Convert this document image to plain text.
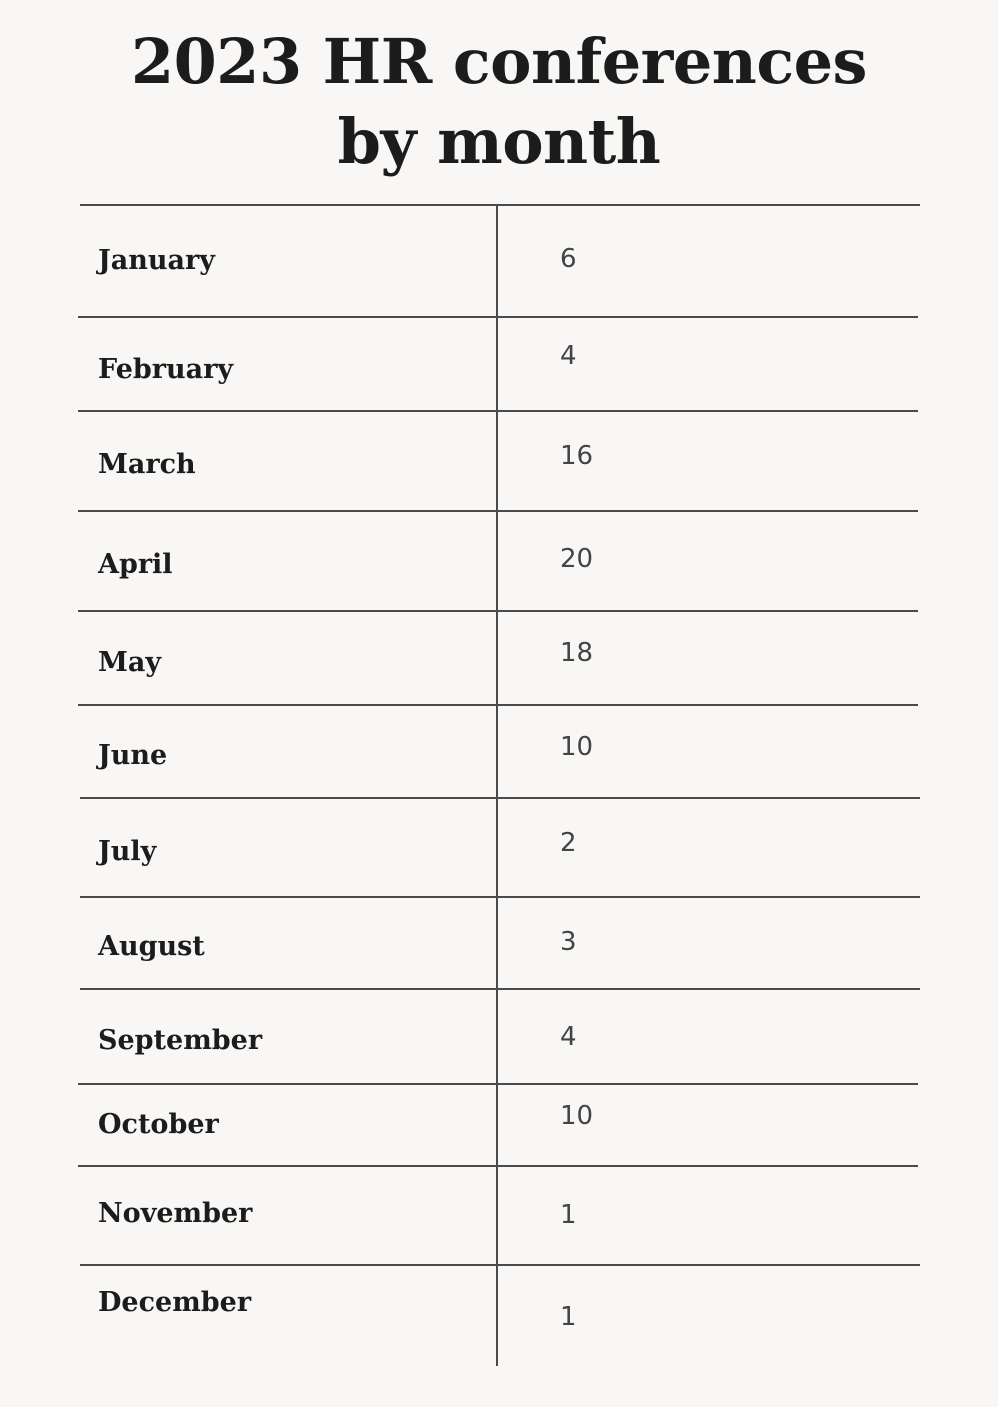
2023 HR conferences
by month
January	6
February	4
March	16
April	20
May	18
June	10
July	2
August	3
September	4
October	10
November	1
December	1
